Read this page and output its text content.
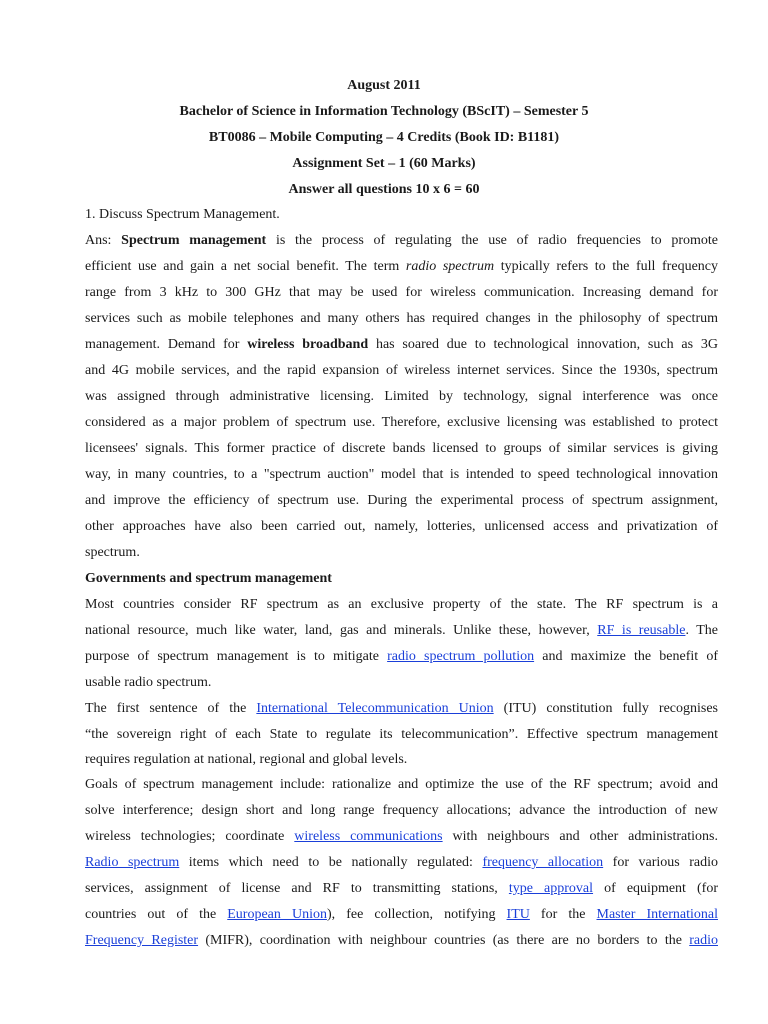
August 2011
Bachelor of Science in Information Technology (BScIT) – Semester 5
BT0086 – Mobile Computing – 4 Credits (Book ID: B1181)
Assignment Set – 1 (60 Marks)
Answer all questions 10 x 6 = 60
1. Discuss Spectrum Management.
Ans: Spectrum management is the process of regulating the use of radio frequencies to promote
efficient use and gain a net social benefit. The term radio spectrum typically refers to the full frequency
range from 3 kHz to 300 GHz that may be used for wireless communication. Increasing demand for
services such as mobile telephones and many others has required changes in the philosophy of spectrum
management. Demand for wireless broadband has soared due to technological innovation, such as 3G
and 4G mobile services, and the rapid expansion of wireless internet services. Since the 1930s, spectrum
was assigned through administrative licensing. Limited by technology, signal interference was once
considered as a major problem of spectrum use. Therefore, exclusive licensing was established to protect
licensees' signals. This former practice of discrete bands licensed to groups of similar services is giving
way, in many countries, to a "spectrum auction" model that is intended to speed technological innovation
and improve the efficiency of spectrum use. During the experimental process of spectrum assignment,
other approaches have also been carried out, namely, lotteries, unlicensed access and privatization of
spectrum.
Governments and spectrum management
Most countries consider RF spectrum as an exclusive property of the state. The RF spectrum is a
national resource, much like water, land, gas and minerals. Unlike these, however, RF is reusable. The
purpose of spectrum management is to mitigate radio spectrum pollution and maximize the benefit of
usable radio spectrum.
The first sentence of the International Telecommunication Union (ITU) constitution fully recognises
“the sovereign right of each State to regulate its telecommunication”. Effective spectrum management
requires regulation at national, regional and global levels.
Goals of spectrum management include: rationalize and optimize the use of the RF spectrum; avoid and
solve interference; design short and long range frequency allocations; advance the introduction of new
wireless technologies; coordinate wireless communications with neighbours and other administrations.
Radio spectrum items which need to be nationally regulated: frequency allocation for various radio
services, assignment of license and RF to transmitting stations, type approval of equipment (for
countries out of the European Union), fee collection, notifying ITU for the Master International
Frequency Register (MIFR), coordination with neighbour countries (as there are no borders to the radio
